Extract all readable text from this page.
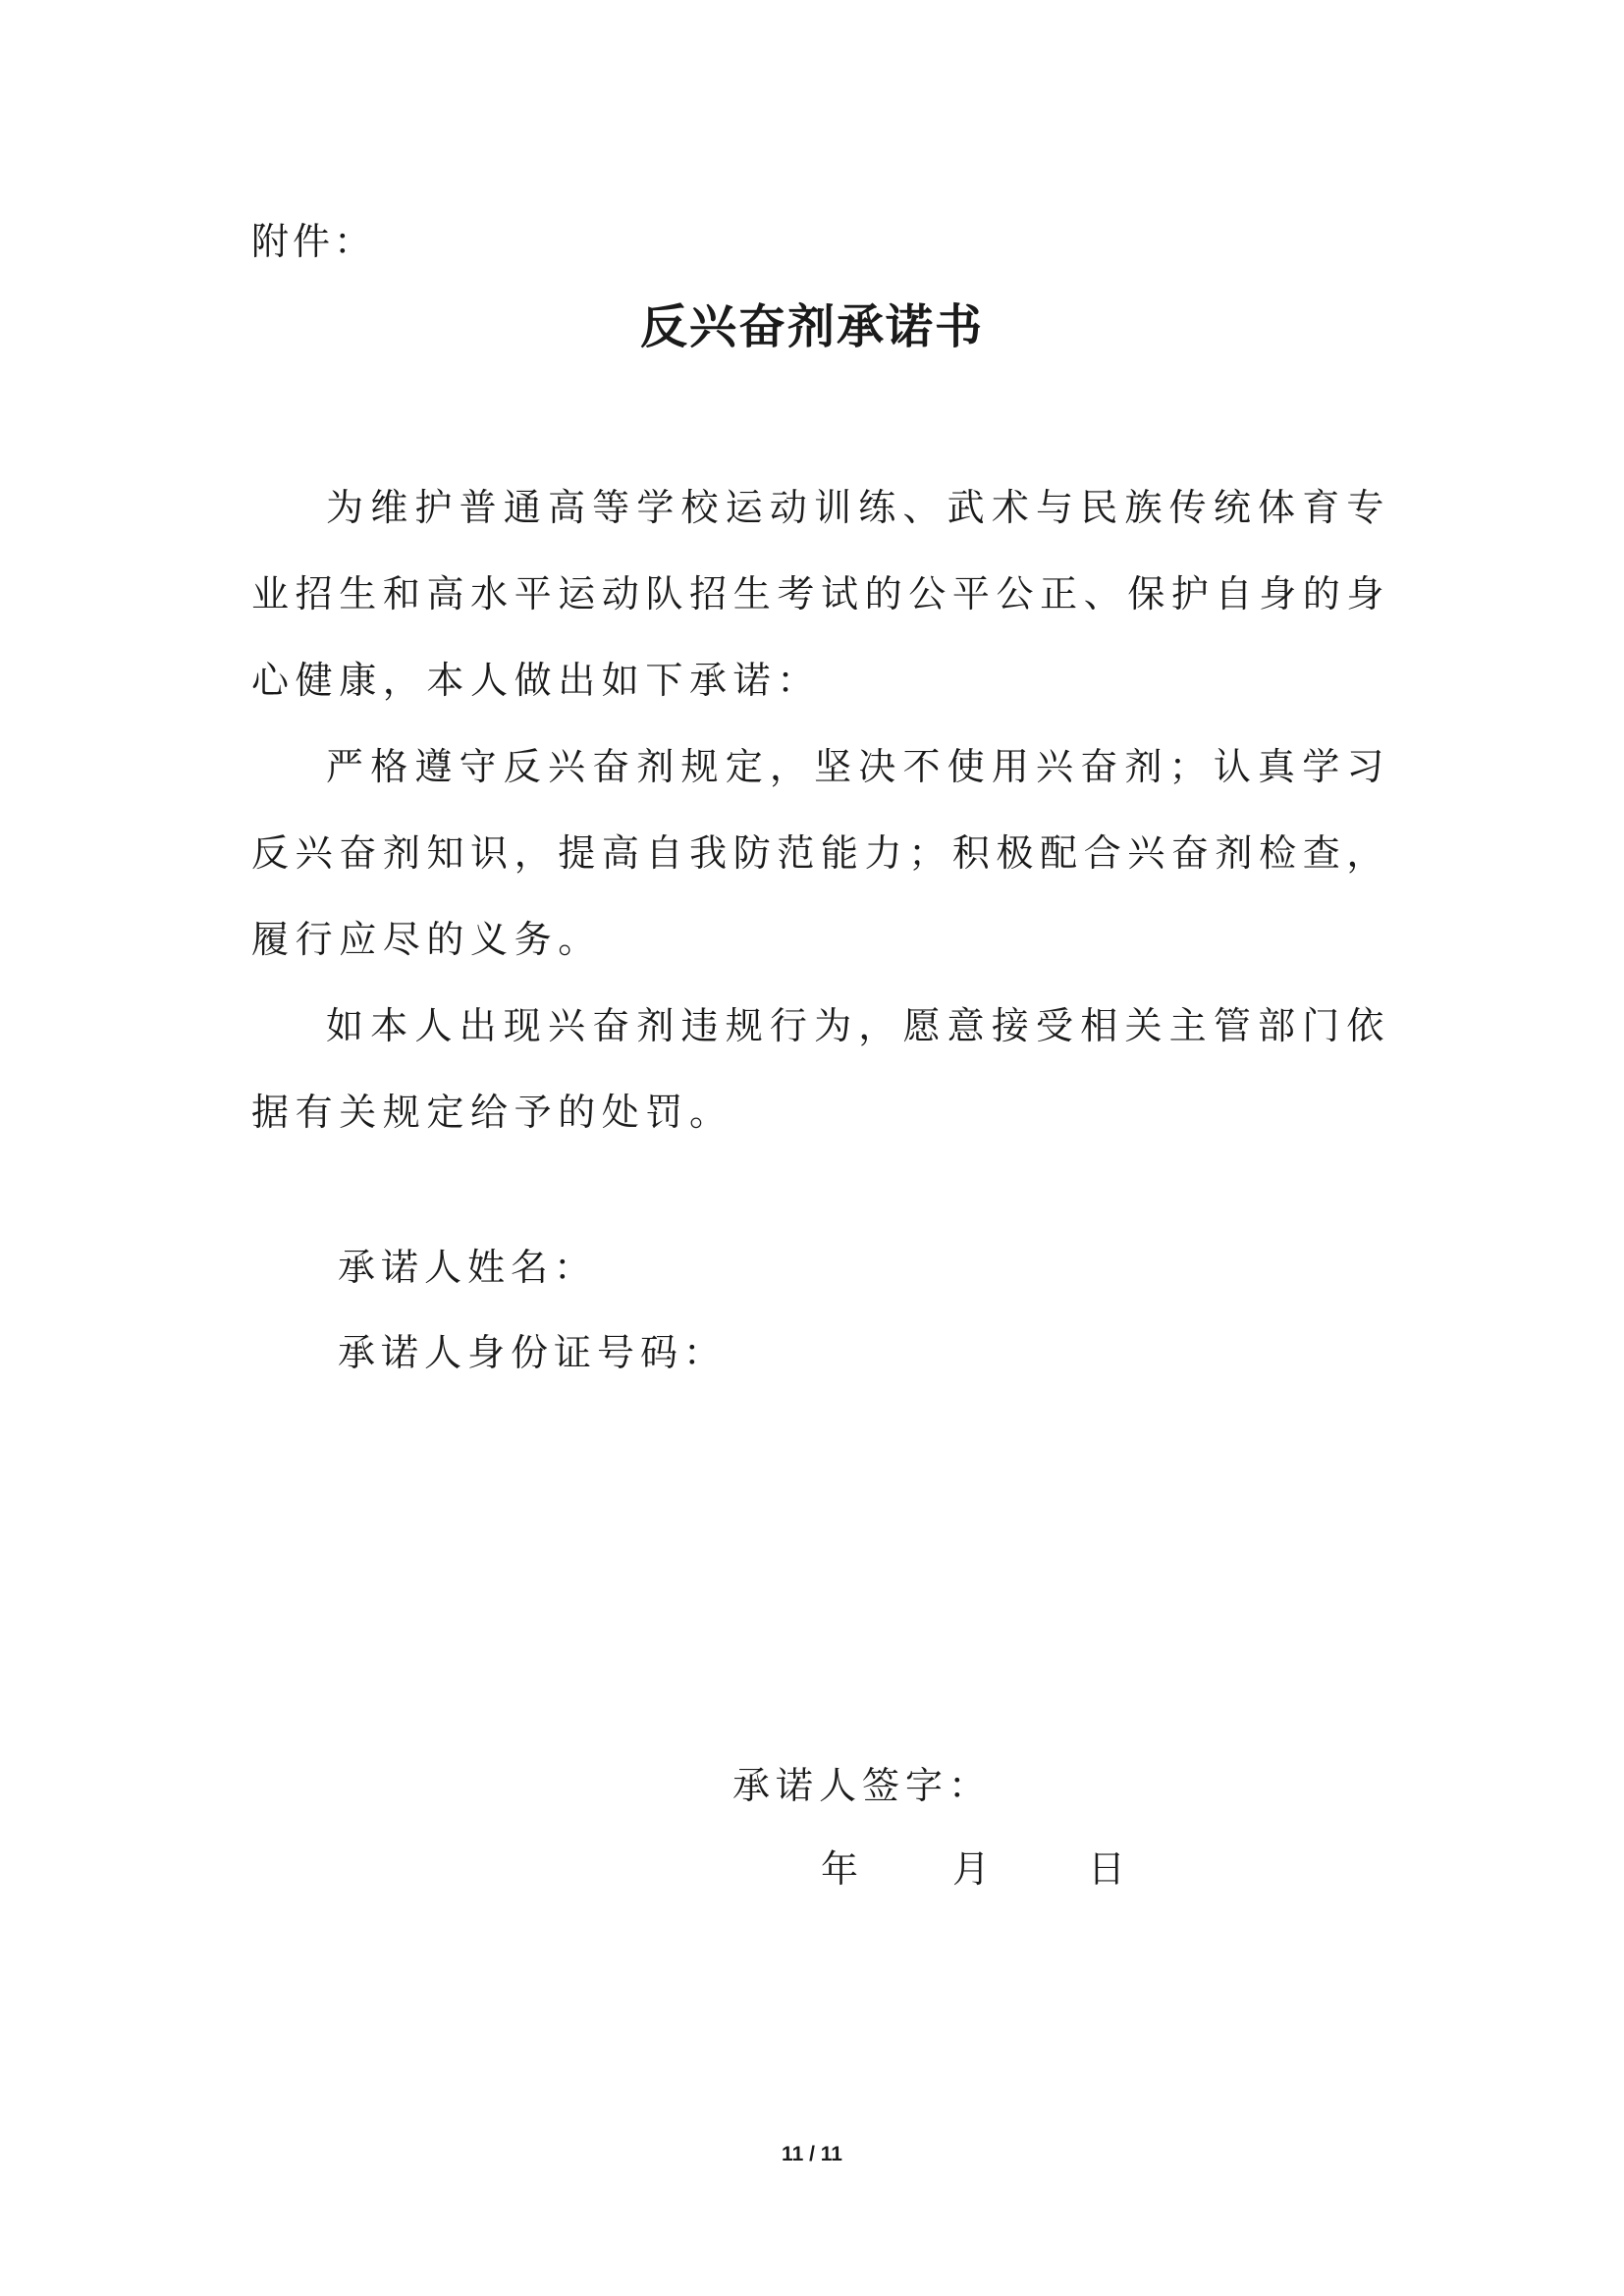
附件：
反兴奋剂承诺书

为维护普通高等学校运动训练、武术与民族传统体育专业招生和高水平运动队招生考试的公平公正、保护自身的身心健康，本人做出如下承诺：

严格遵守反兴奋剂规定，坚决不使用兴奋剂；认真学习反兴奋剂知识，提高自我防范能力；积极配合兴奋剂检查，履行应尽的义务。

如本人出现兴奋剂违规行为，愿意接受相关主管部门依据有关规定给予的处罚。

承诺人姓名：
承诺人身份证号码：
承诺人签字：
年	月	日
11 / 11
